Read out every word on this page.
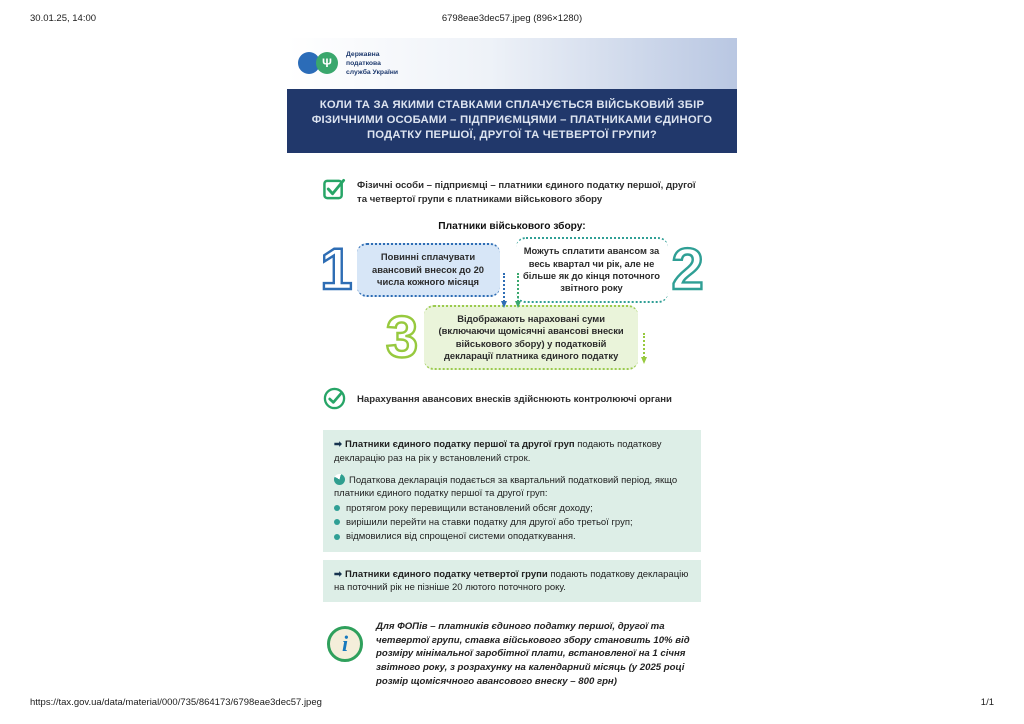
30.01.25, 14:00	6798eae3dec57.jpeg (896×1280)
Ψ
Державна
податкова
служба України
КОЛИ ТА ЗА ЯКИМИ СТАВКАМИ СПЛАЧУЄТЬСЯ ВІЙСЬКОВИЙ ЗБІР ФІЗИЧНИМИ ОСОБАМИ – ПІДПРИЄМЦЯМИ – ПЛАТНИКАМИ ЄДИНОГО ПОДАТКУ ПЕРШОЇ, ДРУГОЇ ТА ЧЕТВЕРТОЇ ГРУПИ?
Фізичні особи – підприємці – платники єдиного податку першої, другої та четвертої групи є платниками військового збору
Платники військового збору:
1	Повинні сплачувати авансовий внесок до 20 числа кожного місяця
Можуть сплатити авансом за весь квартал чи рік, але не більше як до кінця поточного звітного року 2
3	Відображають нараховані суми (включаючи щомісячні авансові внески військового збору) у податковій декларації платника єдиного податку
Нарахування авансових внесків здійснюють контролюючі органи
➡ Платники єдиного податку першої та другої груп подають податкову декларацію раз на рік у встановлений строк.
Податкова декларація подається за квартальний податковий період, якщо платники єдиного податку першої та другої груп:
протягом року перевищили встановлений обсяг доходу;
вирішили перейти на ставки податку для другої або третьої груп;
відмовилися від спрощеної системи оподаткування.
➡ Платники єдиного податку четвертої групи подають податкову декларацію на поточний рік не пізніше 20 лютого поточного року.
i
Для ФОПів – платників єдиного податку першої, другої та четвертої групи, ставка військового збору становить 10% від розміру мінімальної заробітної плати, встановленої на 1 січня звітного року, з розрахунку на календарний місяць (у 2025 році розмір щомісячного авансового внеску – 800 грн)
https://tax.gov.ua/data/material/000/735/864173/6798eae3dec57.jpeg	1/1
